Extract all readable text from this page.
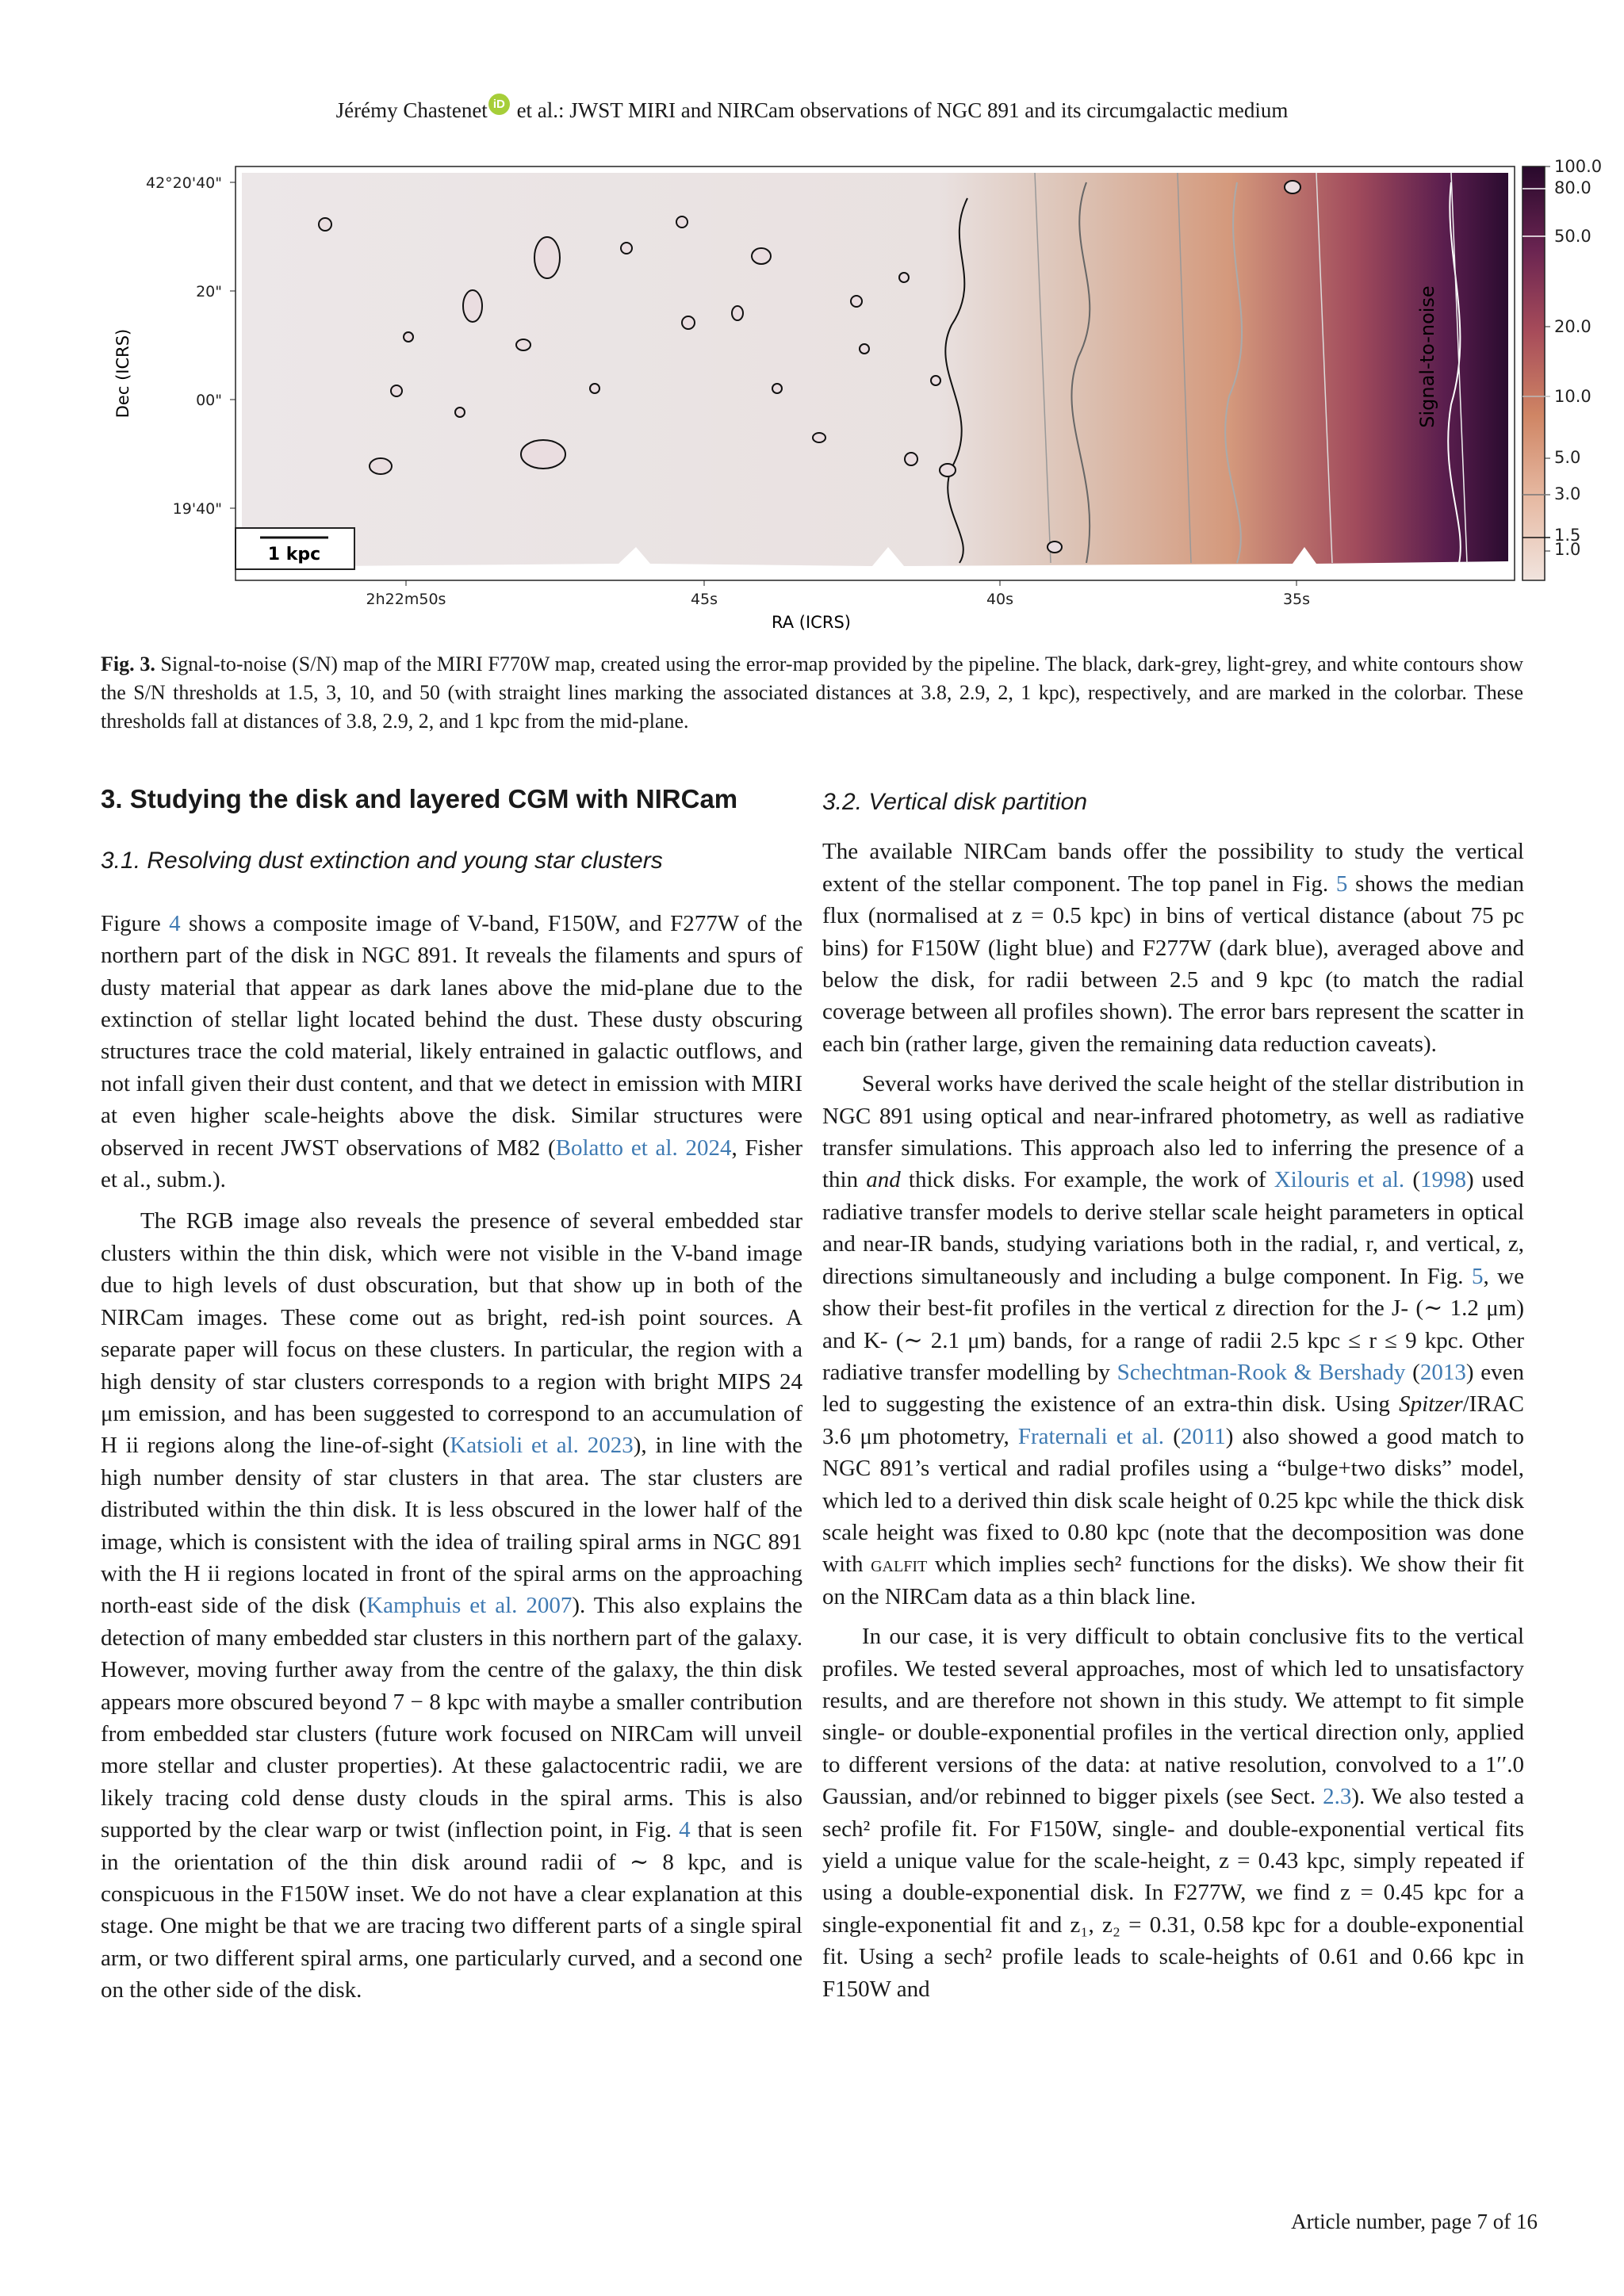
Jérémy Chastenet iD et al.: JWST MIRI and NIRCam observations of NGC 891 and its circumgalactic medium
1 kpc
42°20'40"
20"
00"
19'40"
Dec (ICRS)
2h22m50s	45s	40s	35s
RA (ICRS)
100.0
80.0
50.0
20.0
10.0
5.0
3.0
1.5
1.0
Signal-to-noise
Fig. 3. Signal-to-noise (S/N) map of the MIRI F770W map, created using the error-map provided by the pipeline. The black, dark-grey, light-grey, and white contours show the S/N thresholds at 1.5, 3, 10, and 50 (with straight lines marking the associated distances at 3.8, 2.9, 2, 1 kpc), respectively, and are marked in the colorbar. These thresholds fall at distances of 3.8, 2.9, 2, and 1 kpc from the mid-plane.
3. Studying the disk and layered CGM with NIRCam
3.1. Resolving dust extinction and young star clusters

Figure 4 shows a composite image of V-band, F150W, and F277W of the northern part of the disk in NGC 891. It reveals the filaments and spurs of dusty material that appear as dark lanes above the mid-plane due to the extinction of stellar light located behind the dust. These dusty obscuring structures trace the cold material, likely entrained in galactic outflows, and not infall given their dust content, and that we detect in emission with MIRI at even higher scale-heights above the disk. Similar structures were observed in recent JWST observations of M82 (Bolatto et al. 2024, Fisher et al., subm.).

The RGB image also reveals the presence of several embedded star clusters within the thin disk, which were not visible in the V-band image due to high levels of dust obscuration, but that show up in both of the NIRCam images. These come out as bright, red-ish point sources. A separate paper will focus on these clusters. In particular, the region with a high density of star clusters corresponds to a region with bright MIPS 24 μm emission, and has been suggested to correspond to an accumulation of H ii regions along the line-of-sight (Katsioli et al. 2023), in line with the high number density of star clusters in that area. The star clusters are distributed within the thin disk. It is less obscured in the lower half of the image, which is consistent with the idea of trailing spiral arms in NGC 891 with the H ii regions located in front of the spiral arms on the approaching north-east side of the disk (Kamphuis et al. 2007). This also explains the detection of many embedded star clusters in this northern part of the galaxy. However, moving further away from the centre of the galaxy, the thin disk appears more obscured beyond 7 − 8 kpc with maybe a smaller contribution from embedded star clusters (future work focused on NIRCam will unveil more stellar and cluster properties). At these galactocentric radii, we are likely tracing cold dense dusty clouds in the spiral arms. This is also supported by the clear warp or twist (inflection point, in Fig. 4 that is seen in the orientation of the thin disk around radii of ∼ 8 kpc, and is conspicuous in the F150W inset. We do not have a clear explanation at this stage. One might be that we are tracing two different parts of a single spiral arm, or two different spiral arms, one particularly curved, and a second one on the other side of the disk.

3.2. Vertical disk partition

The available NIRCam bands offer the possibility to study the vertical extent of the stellar component. The top panel in Fig. 5 shows the median flux (normalised at z = 0.5 kpc) in bins of vertical distance (about 75 pc bins) for F150W (light blue) and F277W (dark blue), averaged above and below the disk, for radii between 2.5 and 9 kpc (to match the radial coverage between all profiles shown). The error bars represent the scatter in each bin (rather large, given the remaining data reduction caveats).

Several works have derived the scale height of the stellar distribution in NGC 891 using optical and near-infrared photometry, as well as radiative transfer simulations. This approach also led to inferring the presence of a thin and thick disks. For example, the work of Xilouris et al. (1998) used radiative transfer models to derive stellar scale height parameters in optical and near-IR bands, studying variations both in the radial, r, and vertical, z, directions simultaneously and including a bulge component. In Fig. 5, we show their best-fit profiles in the vertical z direction for the J- (∼ 1.2 μm) and K- (∼ 2.1 μm) bands, for a range of radii 2.5 kpc ≤ r ≤ 9 kpc. Other radiative transfer modelling by Schechtman-Rook & Bershady (2013) even led to suggesting the existence of an extra-thin disk. Using Spitzer/IRAC 3.6 μm photometry, Fraternali et al. (2011) also showed a good match to NGC 891’s vertical and radial profiles using a “bulge+two disks” model, which led to a derived thin disk scale height of 0.25 kpc while the thick disk scale height was fixed to 0.80 kpc (note that the decomposition was done with galfit which implies sech² functions for the disks). We show their fit on the NIRCam data as a thin black line.

In our case, it is very difficult to obtain conclusive fits to the vertical profiles. We tested several approaches, most of which led to unsatisfactory results, and are therefore not shown in this study. We attempt to fit simple single- or double-exponential profiles in the vertical direction only, applied to different versions of the data: at native resolution, convolved to a 1′′.0 Gaussian, and/or rebinned to bigger pixels (see Sect. 2.3). We also tested a sech² profile fit. For F150W, single- and double-exponential vertical fits yield a unique value for the scale-height, z = 0.43 kpc, simply repeated if using a double-exponential disk. In F277W, we find z = 0.45 kpc for a single-exponential fit and z₁, z₂ = 0.31, 0.58 kpc for a double-exponential fit. Using a sech² profile leads to scale-heights of 0.61 and 0.66 kpc in F150W and

Article number, page 7 of 16
